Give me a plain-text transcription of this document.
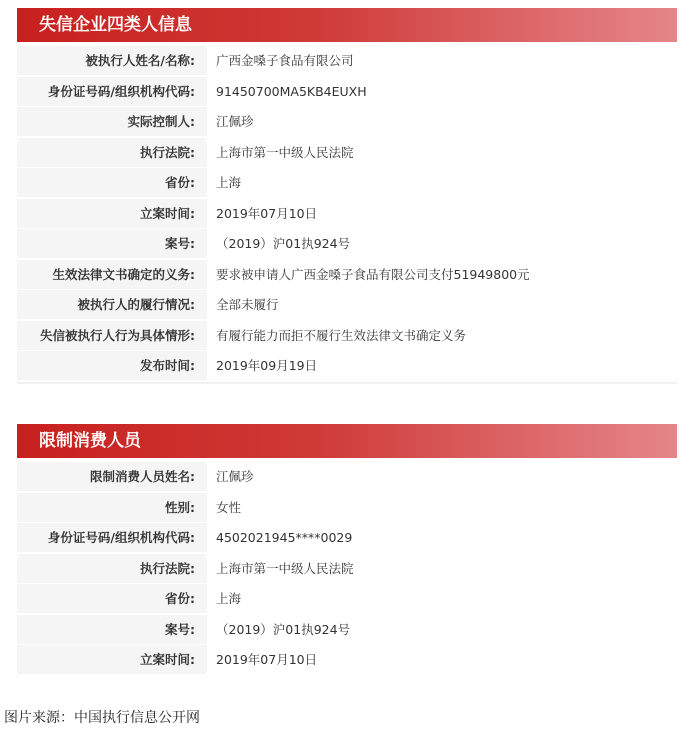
失信企业四类人信息
被执行人姓名/名称:	广西金嗓子食品有限公司
身份证号码/组织机构代码:	91450700MA5KB4EUXH
实际控制人:	江佩珍
执行法院:	上海市第一中级人民法院
省份:	上海
立案时间:	2019年07月10日
案号:	（2019）沪01执924号
生效法律文书确定的义务:	要求被申请人广西金嗓子食品有限公司支付51949800元
被执行人的履行情况:	全部未履行
失信被执行人行为具体情形:	有履行能力而拒不履行生效法律文书确定义务
发布时间:	2019年09月19日
限制消费人员
限制消费人员姓名:	江佩珍
性别:	女性
身份证号码/组织机构代码:	4502021945****0029
执行法院:	上海市第一中级人民法院
省份:	上海
案号:	（2019）沪01执924号
立案时间:	2019年07月10日
图片来源：中国执行信息公开网
